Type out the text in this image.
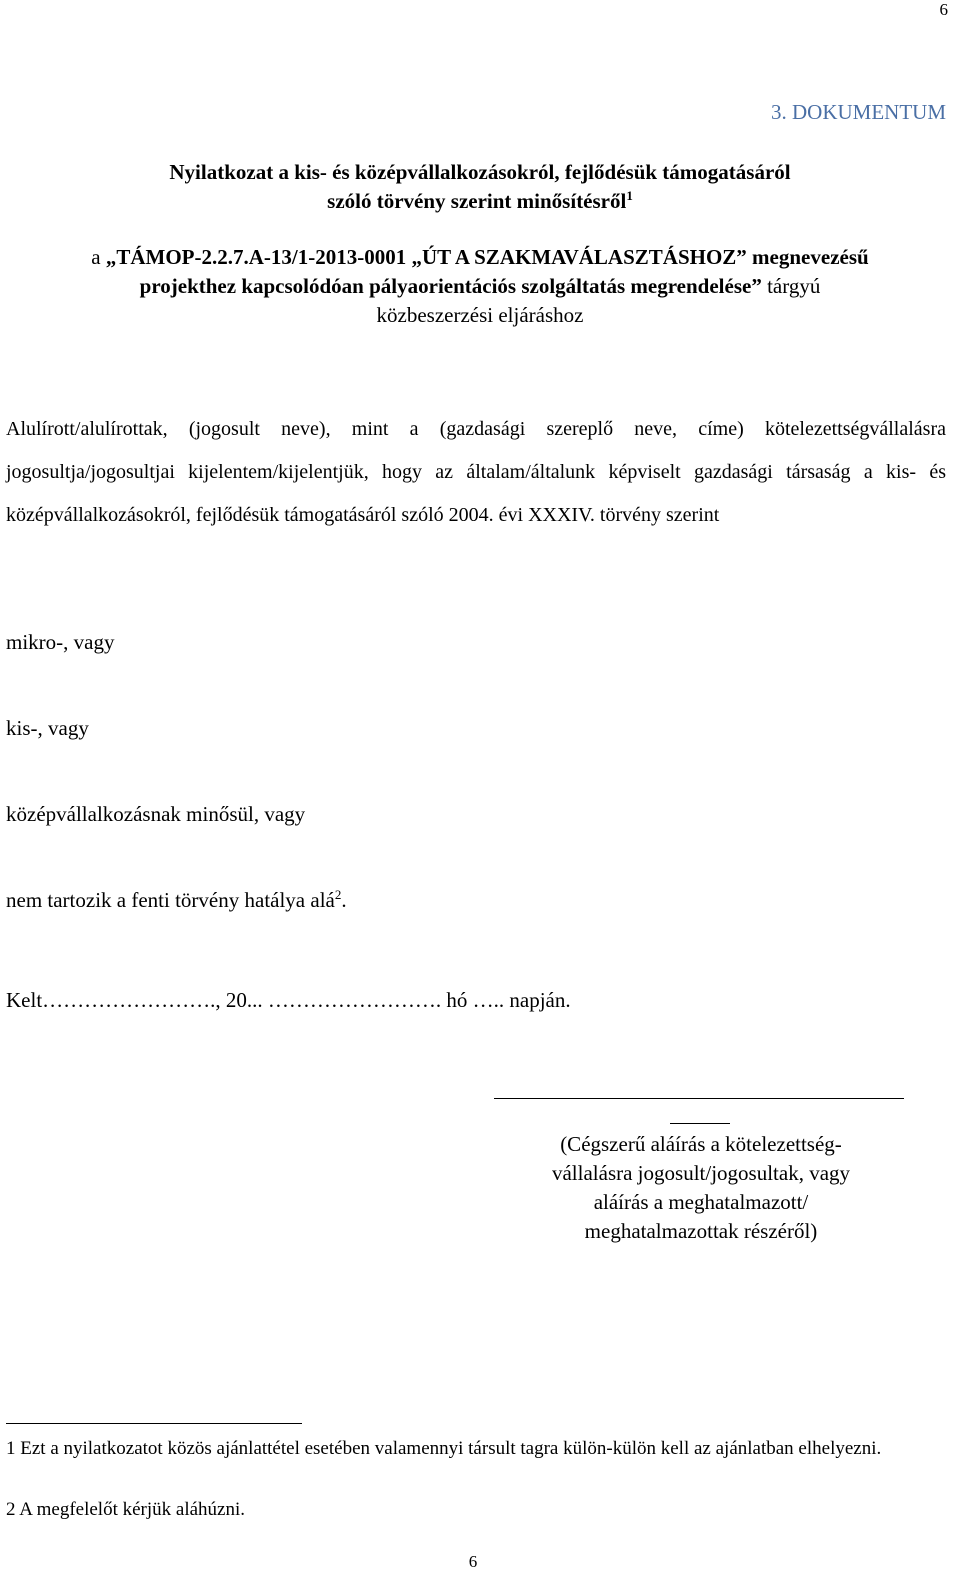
6
3. DOKUMENTUM
Nyilatkozat a kis- és középvállalkozásokról, fejlődésük támogatásáról
szóló törvény szerint minősítésről$^1$
a „TÁMOP-2.2.7.A-13/1-2013-0001 „ÚT A SZAKMAVÁLASZTÁSHOZ” megnevezésű
projekthez kapcsolódóan pályaorientációs szolgáltatás megrendelése” tárgyú
közbeszerzési eljáráshoz
Alulírott/alulírottak, (jogosult neve), mint a (gazdasági szereplő neve, címe) kötelezettségvállalásra jogosultja/jogosultjai kijelentem/kijelentjük, hogy az általam/általunk képviselt gazdasági társaság a kis- és középvállalkozásokról, fejlődésük támogatásáról szóló 2004. évi XXXIV. törvény szerint
mikro-, vagy
kis-, vagy
középvállalkozásnak minősül, vagy
nem tartozik a fenti törvény hatálya alá$^2$.
Kelt……………………., 20... ……………………. hó ….. napján.
(Cégszerű aláírás a kötelezettség-
vállalásra jogosult/jogosultak, vagy
aláírás a meghatalmazott/
meghatalmazottak részéről)
1 Ezt a nyilatkozatot közös ajánlattétel esetében valamennyi társult tagra külön-külön kell az ajánlatban elhelyezni.
2 A megfelelőt kérjük aláhúzni.
6
